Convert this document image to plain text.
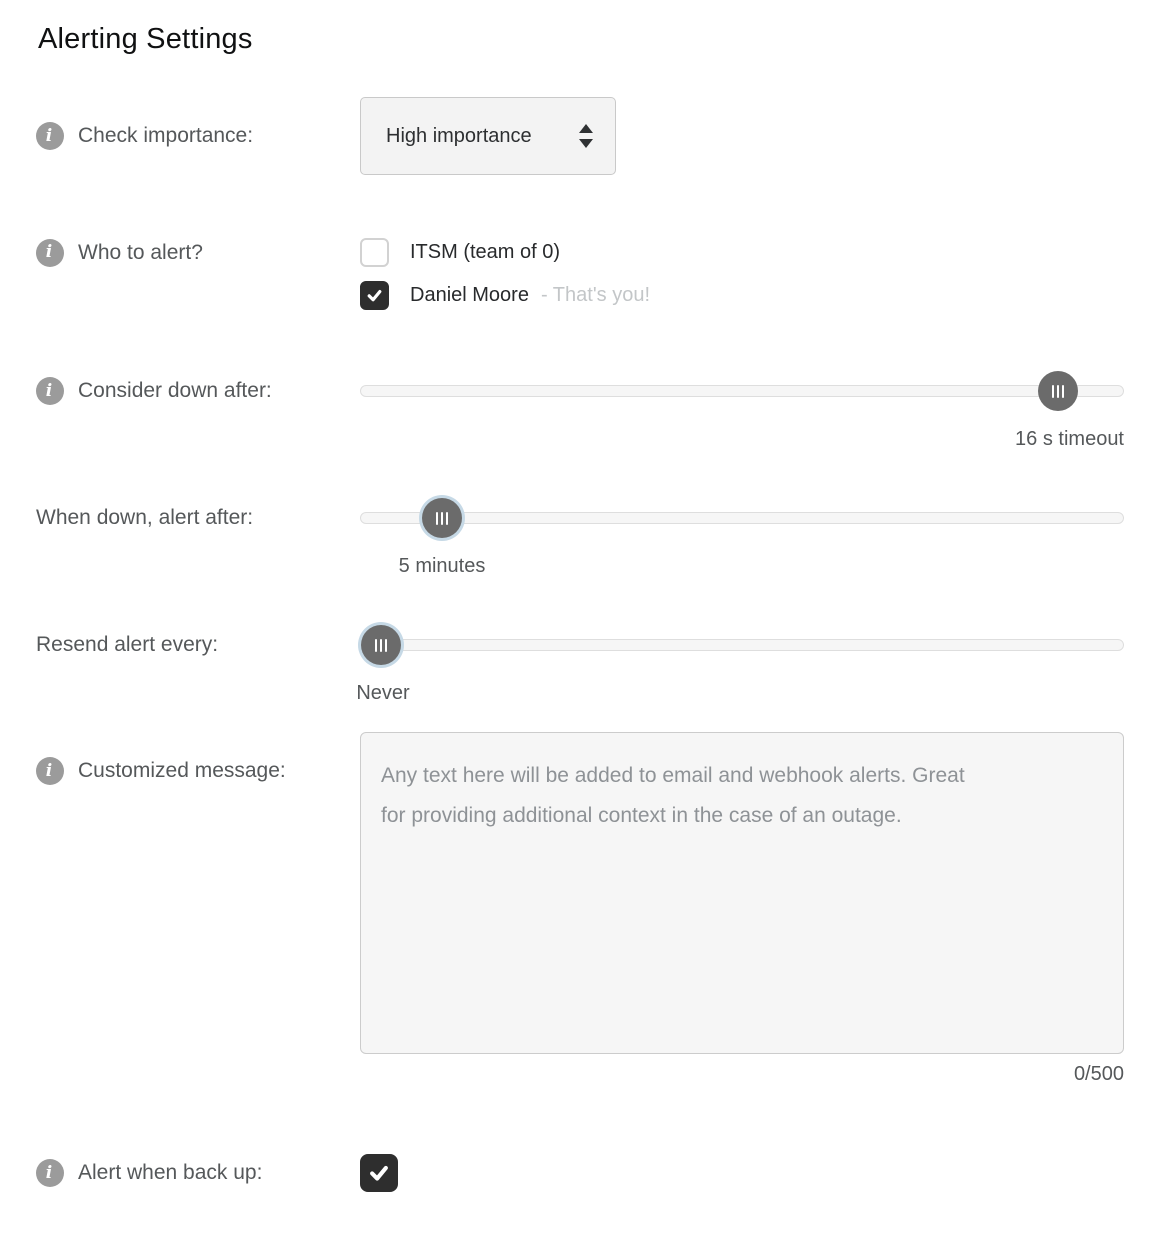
Alerting Settings
i	Check importance:	High importance
i	Who to alert?	ITSM (team of 0)
Daniel Moore - That's you!
i	Consider down after:
16 s timeout
When down, alert after:
5 minutes
Resend alert every:
Never
i	Customized message:
Any text here will be added to email and webhook alerts. Great for providing additional context in the case of an outage.
0/500
i	Alert when back up:
